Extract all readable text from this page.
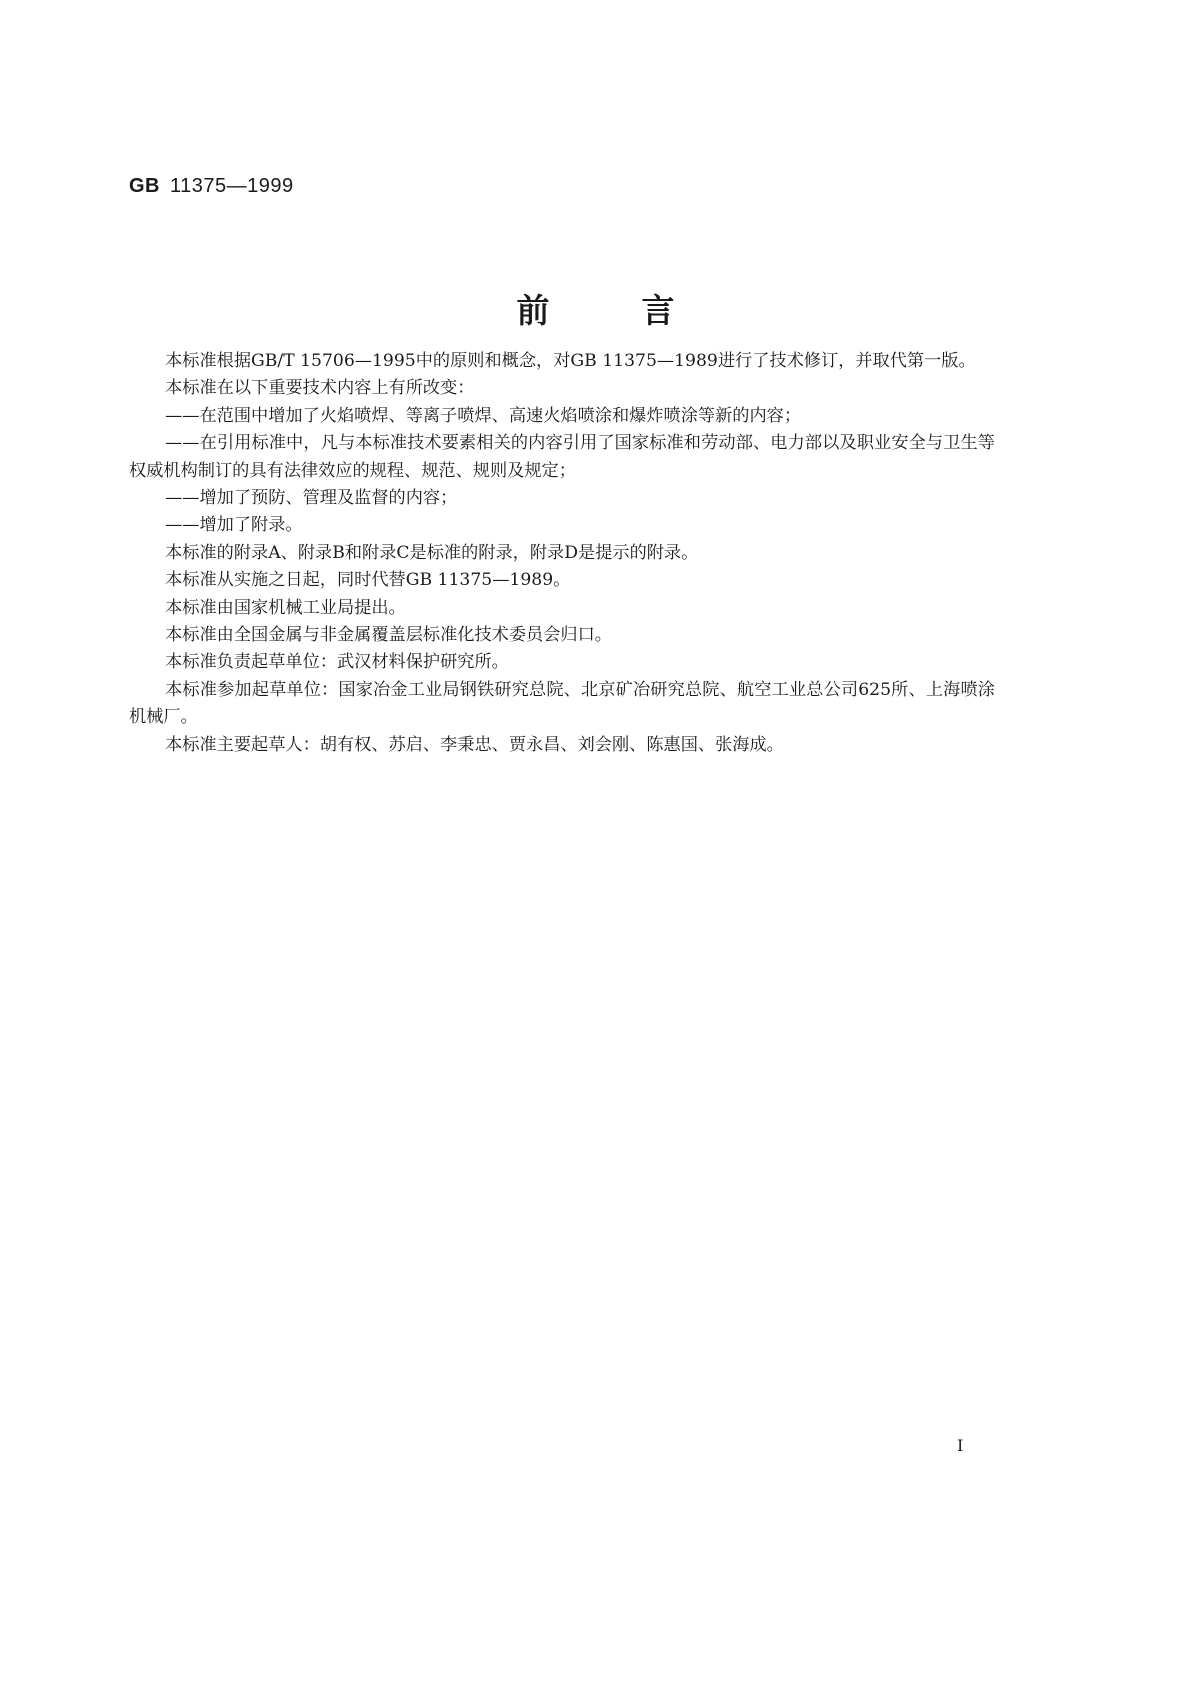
GB 11375—1999
前言

本标准根据GB/T 15706—1995中的原则和概念，对GB 11375—1989进行了技术修订，并取代第一版。

本标准在以下重要技术内容上有所改变：

——在范围中增加了火焰喷焊、等离子喷焊、高速火焰喷涂和爆炸喷涂等新的内容；

——在引用标准中，凡与本标准技术要素相关的内容引用了国家标准和劳动部、电力部以及职业安全与卫生等权威机构制订的具有法律效应的规程、规范、规则及规定；

——增加了预防、管理及监督的内容；

——增加了附录。

本标准的附录A、附录B和附录C是标准的附录，附录D是提示的附录。

本标准从实施之日起，同时代替GB 11375—1989。

本标准由国家机械工业局提出。

本标准由全国金属与非金属覆盖层标准化技术委员会归口。

本标准负责起草单位：武汉材料保护研究所。

本标准参加起草单位：国家冶金工业局钢铁研究总院、北京矿冶研究总院、航空工业总公司625所、上海喷涂机械厂。

本标准主要起草人：胡有权、苏启、李秉忠、贾永昌、刘会刚、陈惠国、张海成。

I
